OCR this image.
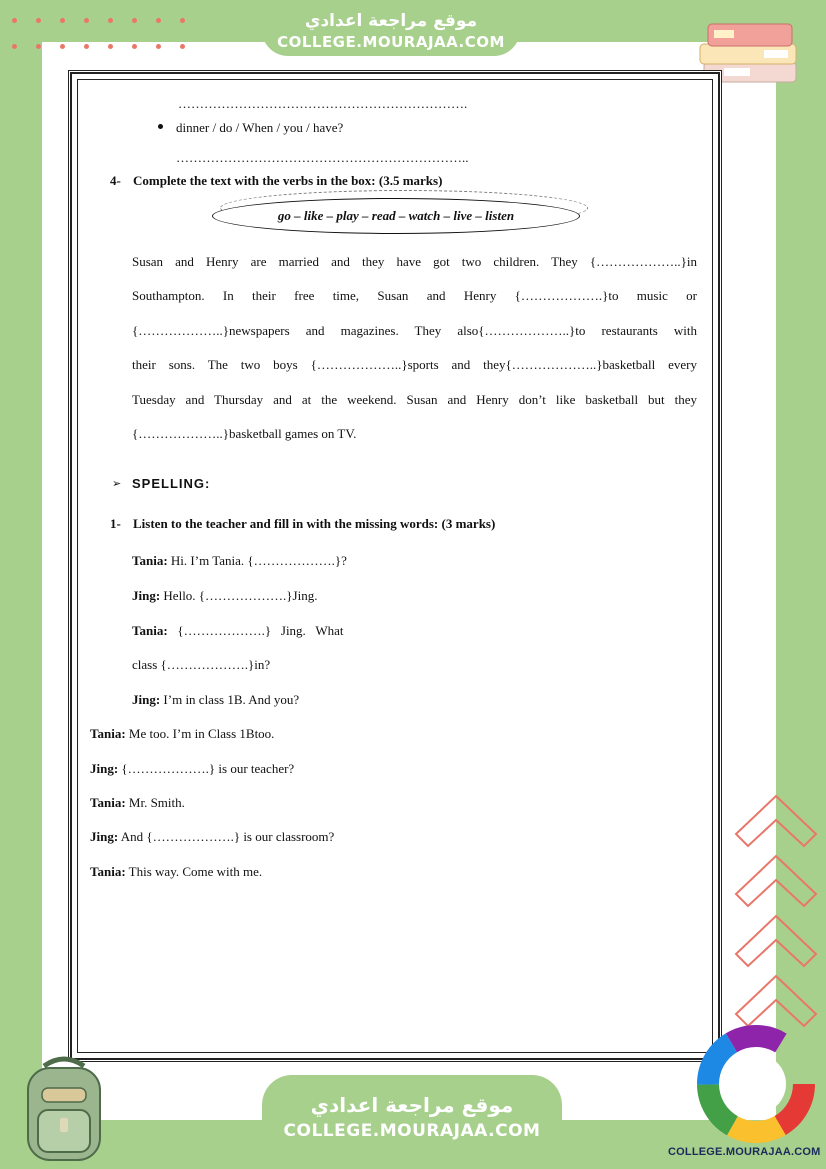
موقع مراجعة اعدادي
COLLEGE.MOURAJAA.COM
………………………………………………………….
dinner / do / When / you / have?
…………………………………………………………..
4- Complete the text with the verbs in the box: (3.5 marks)
go – like – play – read – watch – live – listen
Susan and Henry are married and they have got two children. They {………………..}in
Southampton. In their free time, Susan and Henry {……………….}to music or
{………………..}newspapers and magazines. They also{………………..}to restaurants with
their sons. The two boys {………………..}sports and they{………………..}basketball every
Tuesday and Thursday and at the weekend. Susan and Henry don’t like basketball but they
{………………..}basketball games on TV.
➢ SPELLING:
1- Listen to the teacher and fill in with the missing words: (3 marks)
Tania: Hi. I’m Tania. {……………….}?
Jing: Hello. {……………….}Jing.
Tania:   {……………….}   Jing.   What
class {……………….}in?
Jing: I’m in class 1B. And you?
Tania: Me too. I’m in Class 1Btoo.
Jing: {……………….} is our teacher?
Tania: Mr. Smith.
Jing: And {……………….} is our classroom?
Tania: This way. Come with me.
موقع مراجعة اعدادي
COLLEGE.MOURAJAA.COM
COLLEGE.MOURAJAA.COM
